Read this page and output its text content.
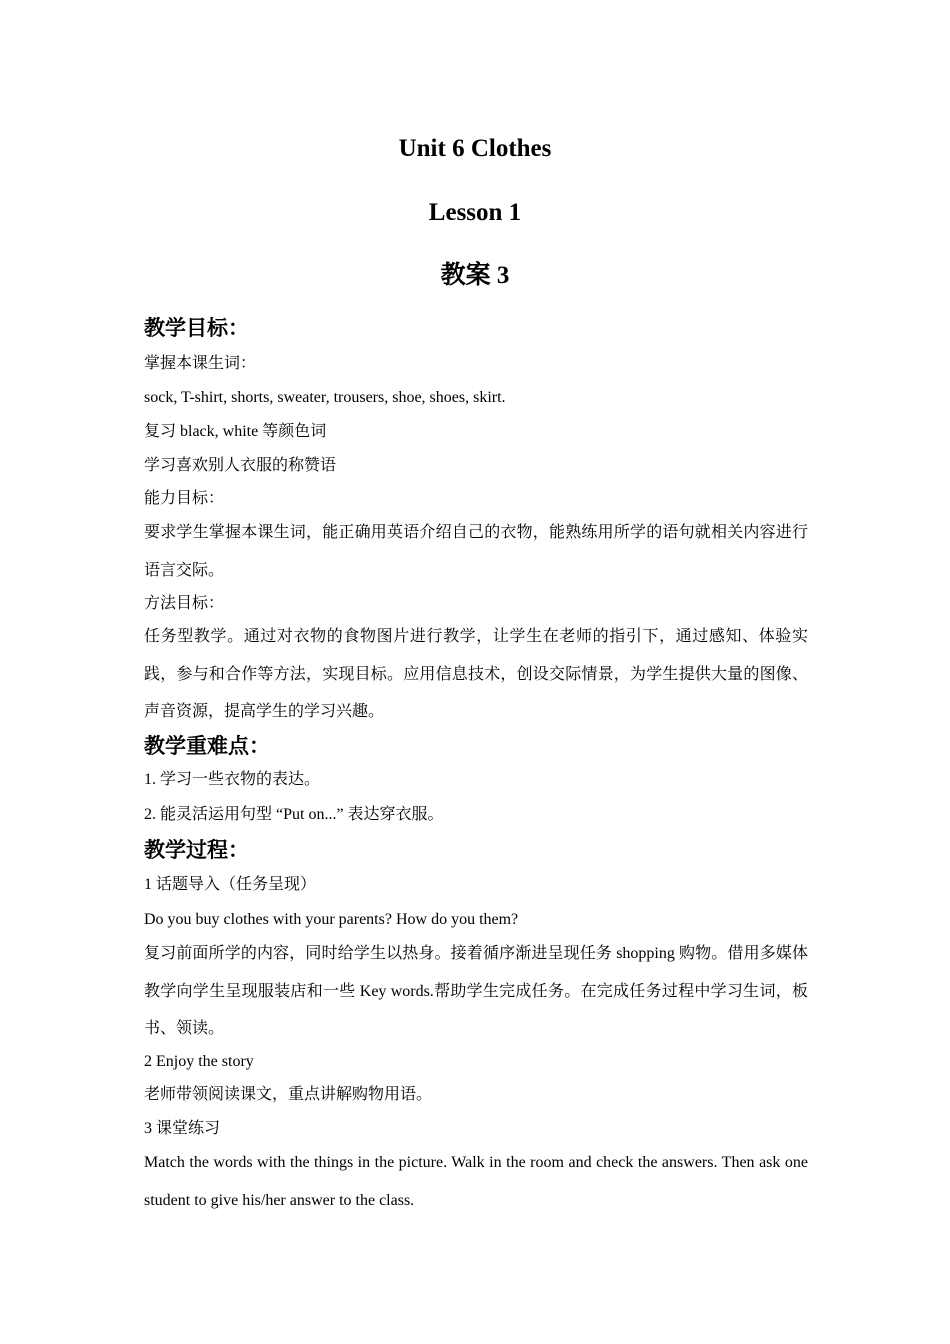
Unit 6 Clothes
Lesson 1
教案 3
教学目标：

掌握本课生词：

sock, T-shirt, shorts, sweater, trousers, shoe, shoes, skirt.

复习 black, white 等颜色词

学习喜欢别人衣服的称赞语

能力目标：

要求学生掌握本课生词，能正确用英语介绍自己的衣物，能熟练用所学的语句就相关内容进行语言交际。

方法目标：

任务型教学。通过对衣物的食物图片进行教学，让学生在老师的指引下，通过感知、体验实践，参与和合作等方法，实现目标。应用信息技术，创设交际情景，为学生提供大量的图像、声音资源，提高学生的学习兴趣。

教学重难点：

1. 学习一些衣物的表达。

2. 能灵活运用句型 “Put on...” 表达穿衣服。

教学过程：

1 话题导入（任务呈现）

Do you buy clothes with your parents? How do you them?

复习前面所学的内容，同时给学生以热身。接着循序渐进呈现任务 shopping 购物。借用多媒体教学向学生呈现服装店和一些 Key words.帮助学生完成任务。在完成任务过程中学习生词，板书、领读。

2 Enjoy the story

老师带领阅读课文，重点讲解购物用语。

3 课堂练习

Match the words with the things in the picture. Walk in the room and check the answers. Then ask one student to give his/her answer to the class.
